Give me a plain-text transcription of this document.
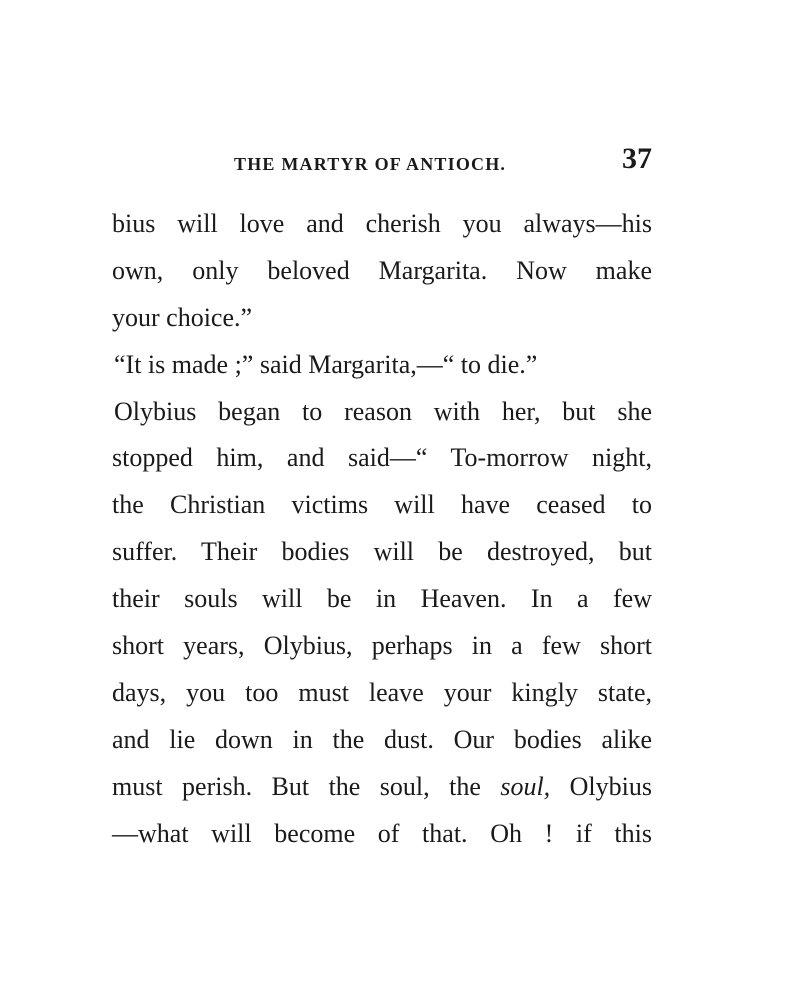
THE MARTYR OF ANTIOCH.	37
bius will love and cherish you always—his
own, only beloved Margarita. Now make
your choice.”
“It is made ;” said Margarita,—“ to die.”
Olybius began to reason with her, but she
stopped him, and said—“ To-morrow night,
the Christian victims will have ceased to
suffer. Their bodies will be destroyed, but
their souls will be in Heaven. In a few
short years, Olybius, perhaps in a few short
days, you too must leave your kingly state,
and lie down in the dust. Our bodies alike
must perish. But the soul, the soul, Olybius
—what will become of that. Oh ! if this
